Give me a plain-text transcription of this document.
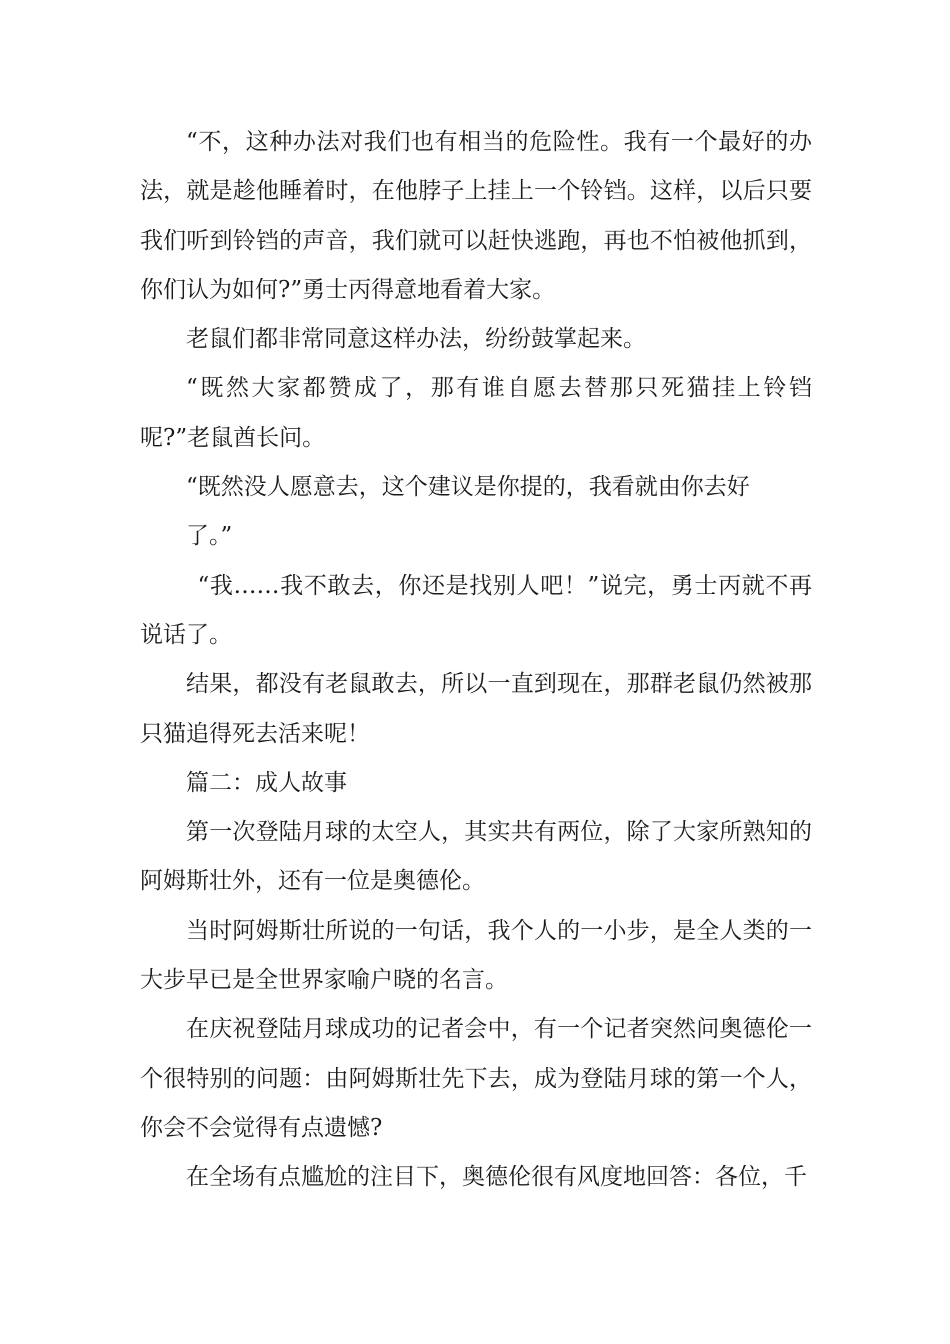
“不，这种办法对我们也有相当的危险性。我有一个最好的办法，就是趁他睡着时，在他脖子上挂上一个铃铛。这样，以后只要我们听到铃铛的声音，我们就可以赶快逃跑，再也不怕被他抓到，你们认为如何?”勇士丙得意地看着大家。

老鼠们都非常同意这样办法，纷纷鼓掌起来。

“既然大家都赞成了，那有谁自愿去替那只死猫挂上铃铛呢?”老鼠酋长问。

“既然没人愿意去，这个建议是你提的，我看就由你去好

了。”

“我……我不敢去，你还是找别人吧！”说完，勇士丙就不再说话了。

结果，都没有老鼠敢去，所以一直到现在，那群老鼠仍然被那只猫追得死去活来呢！

篇二：成人故事

第一次登陆月球的太空人，其实共有两位，除了大家所熟知的阿姆斯壮外，还有一位是奥德伦。

当时阿姆斯壮所说的一句话，我个人的一小步，是全人类的一大步早已是全世界家喻户晓的名言。

在庆祝登陆月球成功的记者会中，有一个记者突然问奥德伦一个很特别的问题：由阿姆斯壮先下去，成为登陆月球的第一个人，你会不会觉得有点遗憾?

在全场有点尴尬的注目下，奥德伦很有风度地回答：各位，千
